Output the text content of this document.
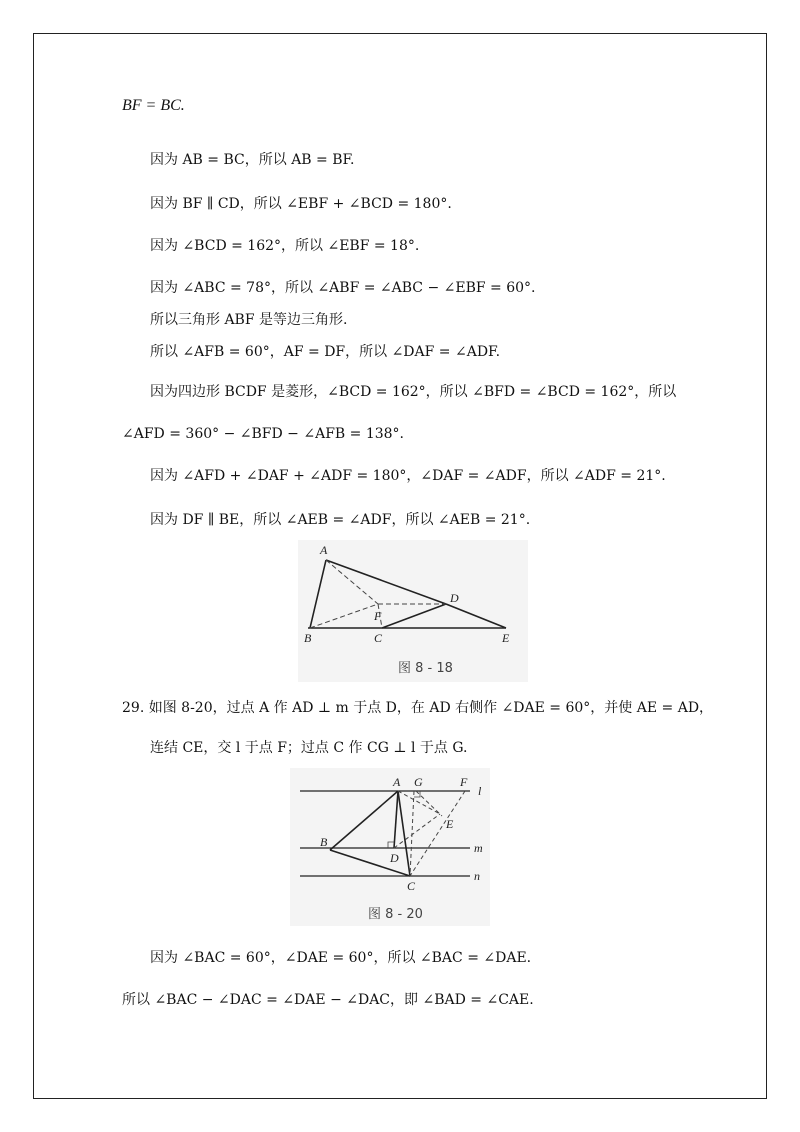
BF = BC.
因为 AB = BC，所以 AB = BF.
因为 BF ∥ CD，所以 ∠EBF + ∠BCD = 180°.
因为 ∠BCD = 162°，所以 ∠EBF = 18°.
因为 ∠ABC = 78°，所以 ∠ABF = ∠ABC − ∠EBF = 60°.
所以三角形 ABF 是等边三角形.
所以 ∠AFB = 60°，AF = DF，所以 ∠DAF = ∠ADF.
因为四边形 BCDF 是菱形，∠BCD = 162°，所以 ∠BFD = ∠BCD = 162°，所以
∠AFD = 360° − ∠BFD − ∠AFB = 138°.
因为 ∠AFD + ∠DAF + ∠ADF = 180°，∠DAF = ∠ADF，所以 ∠ADF = 21°.
因为 DF ∥ BE，所以 ∠AEB = ∠ADF，所以 ∠AEB = 21°.
A
B	C
D
E
F
图 8 - 18
29. 如图 8-20，过点 A 作 AD ⊥ m 于点 D，在 AD 右侧作 ∠DAE = 60°，并使 AE = AD，
连结 CE，交 l 于点 F；过点 C 作 CG ⊥ l 于点 G.
A G	F
l
B
D
E
m
C
n
图 8 - 20
因为 ∠BAC = 60°，∠DAE = 60°，所以 ∠BAC = ∠DAE.
所以 ∠BAC − ∠DAC = ∠DAE − ∠DAC，即 ∠BAD = ∠CAE.
